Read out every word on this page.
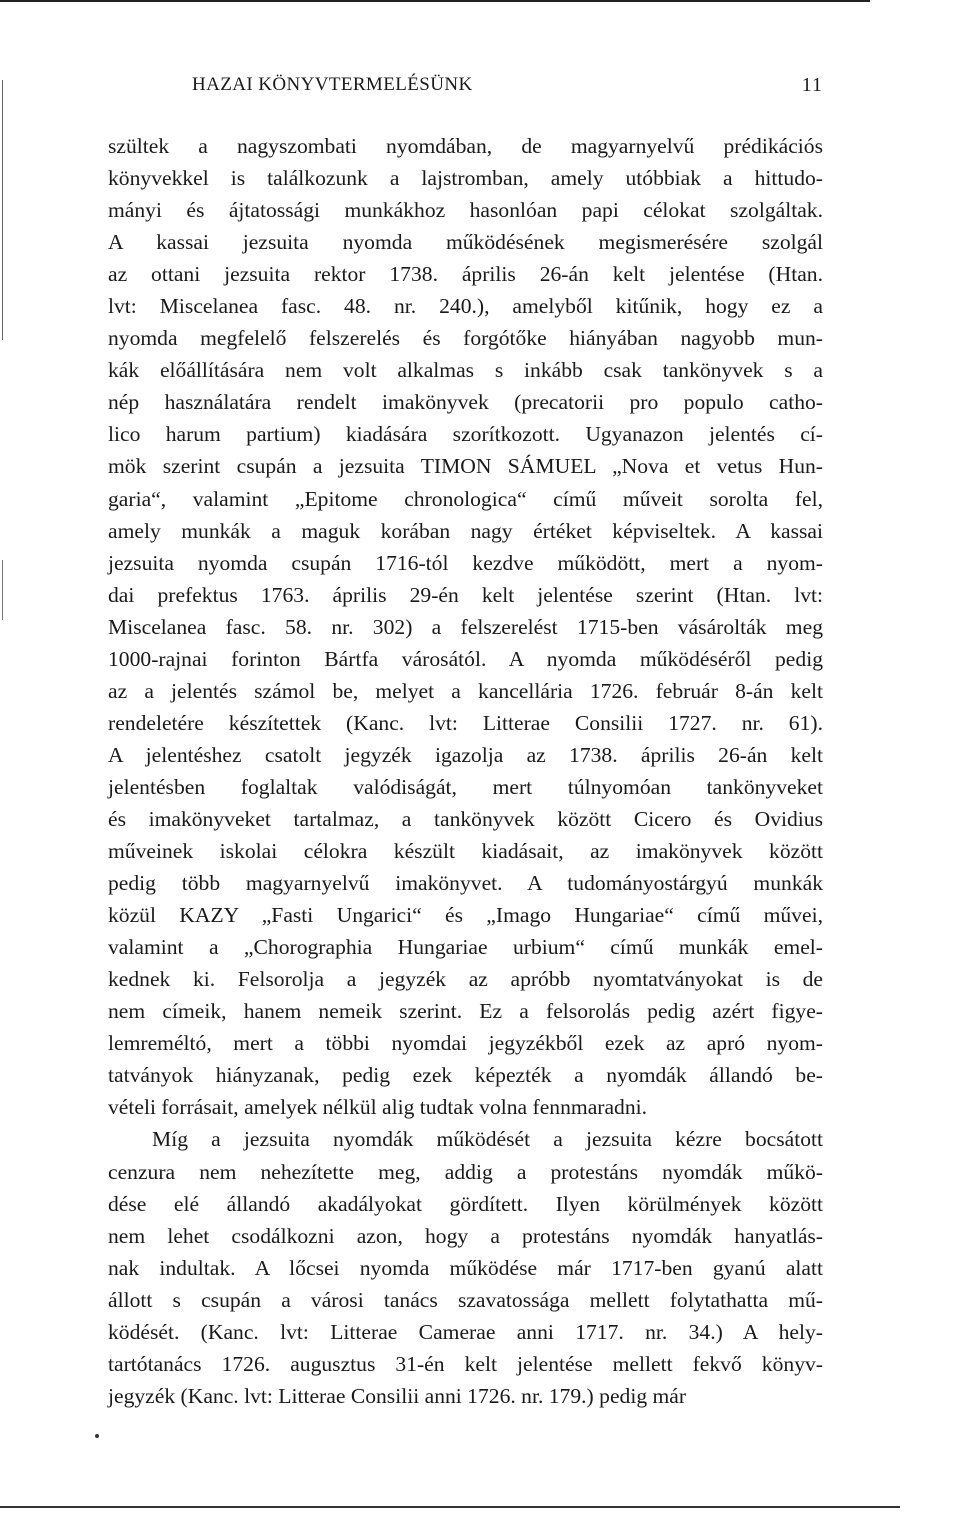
HAZAI KÖNYVTERMELÉSÜNK	11
szültek a nagyszombati nyomdában, de magyarnyelvű prédikációs
könyvekkel is találkozunk a lajstromban, amely utóbbiak a hittudo-
mányi és ájtatossági munkákhoz hasonlóan papi célokat szolgáltak.
A kassai jezsuita nyomda működésének megismerésére szolgál
az ottani jezsuita rektor 1738. április 26-án kelt jelentése (Htan.
lvt: Miscelanea fasc. 48. nr. 240.), amelyből kitűnik, hogy ez a
nyomda megfelelő felszerelés és forgótőke hiányában nagyobb mun-
kák előállítására nem volt alkalmas s inkább csak tankönyvek s a
nép használatára rendelt imakönyvek (precatorii pro populo catho-
lico harum partium) kiadására szorítkozott. Ugyanazon jelentés cí-
mök szerint csupán a jezsuita TIMON SÁMUEL „Nova et vetus Hun-
garia“, valamint „Epitome chronologica“ című műveit sorolta fel,
amely munkák a maguk korában nagy értéket képviseltek. A kassai
jezsuita nyomda csupán 1716-tól kezdve működött, mert a nyom-
dai prefektus 1763. április 29-én kelt jelentése szerint (Htan. lvt:
Miscelanea fasc. 58. nr. 302) a felszerelést 1715-ben vásárolták meg
1000-rajnai forinton Bártfa városától. A nyomda működéséről pedig
az a jelentés számol be, melyet a kancellária 1726. február 8-án kelt
rendeletére készítettek (Kanc. lvt: Litterae Consilii 1727. nr. 61).
A jelentéshez csatolt jegyzék igazolja az 1738. április 26-án kelt
jelentésben foglaltak valódiságát, mert túlnyomóan tankönyveket
és imakönyveket tartalmaz, a tankönyvek között Cicero és Ovidius
műveinek iskolai célokra készült kiadásait, az imakönyvek között
pedig több magyarnyelvű imakönyvet. A tudományostárgyú munkák
közül KAZY „Fasti Ungarici“ és „Imago Hungariae“ című művei,
valamint a „Chorographia Hungariae urbium“ című munkák emel-
kednek ki. Felsorolja a jegyzék az apróbb nyomtatványokat is de
nem címeik, hanem nemeik szerint. Ez a felsorolás pedig azért figye-
lemreméltó, mert a többi nyomdai jegyzékből ezek az apró nyom-
tatványok hiányzanak, pedig ezek képezték a nyomdák állandó be-
vételi forrásait, amelyek nélkül alig tudtak volna fennmaradni.
Míg a jezsuita nyomdák működését a jezsuita kézre bocsátott
cenzura nem nehezítette meg, addig a protestáns nyomdák műkö-
dése elé állandó akadályokat gördített. Ilyen körülmények között
nem lehet csodálkozni azon, hogy a protestáns nyomdák hanyatlás-
nak indultak. A lőcsei nyomda működése már 1717-ben gyanú alatt
állott s csupán a városi tanács szavatossága mellett folytathatta mű-
ködését. (Kanc. lvt: Litterae Camerae anni 1717. nr. 34.) A hely-
tartótanács 1726. augusztus 31-én kelt jelentése mellett fekvő könyv-
jegyzék (Kanc. lvt: Litterae Consilii anni 1726. nr. 179.) pedig már
